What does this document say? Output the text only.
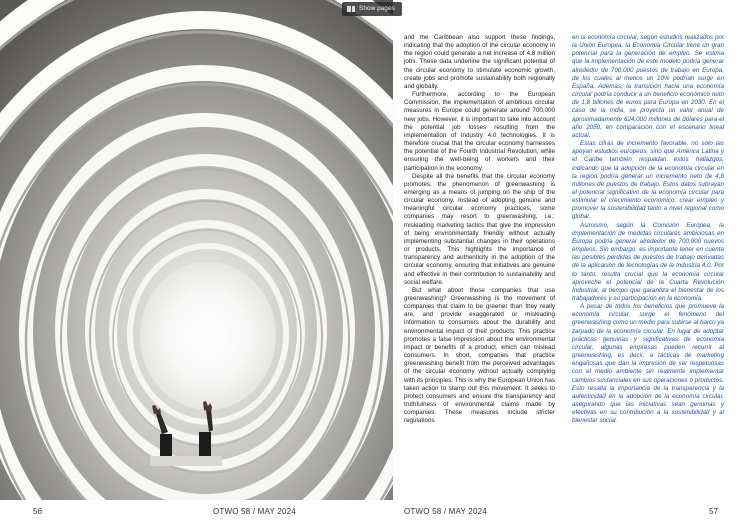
and the Caribbean also support these findings, indicating that the adoption of the circular economy in the region could generate a net increase of 4.8 million jobs. These data underline the significant potential of the circular economy to stimulate economic growth, create jobs and promote sustainability both regionally and globally.

Furthermore, according to the European Commission, the implementation of ambitious circular measures in Europe could generate around 700,000 new jobs. However, it is important to take into account the potential job losses resulting from the implementation of Industry 4.0 technologies. It is therefore crucial that the circular economy harnesses the potential of the Fourth Industrial Revolution, while ensuring the well-being of workers and their participation in the economy.

Despite all the benefits that the circular economy promotes, the phenomenon of greenwashing is emerging as a means of jumping on the ship of the circular economy. Instead of adopting genuine and meaningful circular economy practices, some companies may resort to greenwashing, i.e.: misleading marketing tactics that give the impression of being environmentally friendly without actually implementing substantial changes in their operations or products. This highlights the importance of transparency and authenticity in the adoption of the circular economy, ensuring that initiatives are genuine and effective in their contribution to sustainability and social welfare.

But what about those companies that use greenwashing? Greenwashing is the movement of companies that claim to be greener than they really are, and provide exaggerated or misleading information to consumers about the durability and environmental impact of their products. This practice promotes a false impression about the environmental impact or benefits of a product, which can mislead consumers. In short, companies that practice greenwashing benefit from the perceived advantages of the circular economy without actually complying with its principles. This is why the European Union has taken action to stamp out this movement. It seeks to protect consumers and ensure the transparency and truthfulness of environmental claims made by companies. These measures include stricter regulations

en la economía circular, según estudios realizados por la Unión Europea, la Economía Circular tiene un gran potencial para la generación de empleo. Se estima que la implementación de este modelo podría generar alrededor de 700,000 puestos de trabajo en Europa, de los cuales al menos un 10% podrían surgir en España. Además, la transición hacia una economía circular podría conducir a un beneficio económico neto de 1,8 billones de euros para Europa en 2030. En el caso de la India, se proyecta un valor anual de aproximadamente 624,000 millones de dólares para el año 2050, en comparación con el escenario lineal actual.

Estas cifras de incremento favorable, no solo las apoyan estudios europeos, sino que América Latina y el Caribe también respaldan estos hallazgos, indicando que la adopción de la economía circular en la región podría generar un incremento neto de 4,8 millones de puestos de trabajo. Estos datos subrayan el potencial significativo de la economía circular para estimular el crecimiento económico, crear empleo y promover la sostenibilidad tanto a nivel regional como global.

Asimismo, según la Comisión Europea, la implementación de medidas circulares ambiciosas en Europa podría generar alrededor de 700,000 nuevos empleos. Sin embargo, es importante tener en cuenta las posibles pérdidas de puestos de trabajo derivadas de la aplicación de tecnologías de la Industria 4.0. Por lo tanto, resulta crucial que la economía circular aproveche el potencial de la Cuarta Revolución Industrial, al tiempo que garantiza el bienestar de los trabajadores y su participación en la economía.

A pesar de todos los beneficios que promueve la economía circular, surge el fenómeno del greenwashing como un medio para subirse al barco ya zarpado de la economía circular. En lugar de adoptar prácticas genuinas y significativas de economía circular, algunas empresas pueden recurrir al greenwashing, es decir, a tácticas de marketing engañosas que dan la impresión de ser respetuosas con el medio ambiente sin realmente implementar cambios sustanciales en sus operaciones o productos. Esto resalta la importancia de la transparencia y la autenticidad en la adopción de la economía circular, asegurando que las iniciativas sean genuinas y efectivas en su contribución a la sostenibilidad y al bienestar social.

56	OTWO 58 / MAY 2024	OTWO 58 / MAY 2024	57
Show pages
